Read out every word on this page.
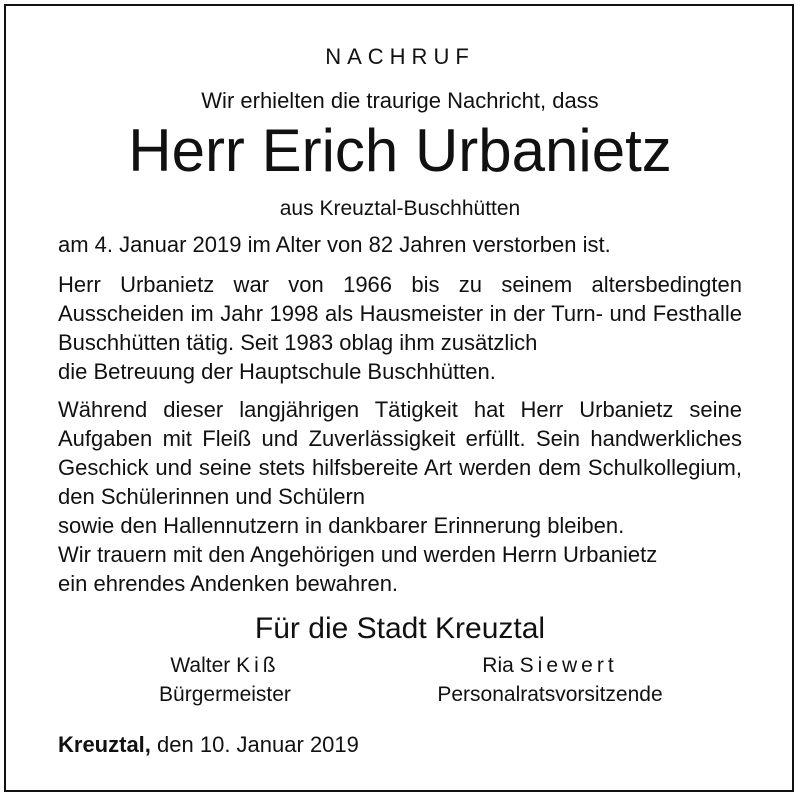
NACHRUF
Wir erhielten die traurige Nachricht, dass
Herr Erich Urbanietz
aus Kreuztal-Buschhütten
am 4. Januar 2019 im Alter von 82 Jahren verstorben ist.
Herr Urbanietz war von 1966 bis zu seinem altersbedingten Ausscheiden im Jahr 1998 als Hausmeister in der Turn- und Festhalle Buschhütten tätig. Seit 1983 oblag ihm zusätzlich
die Betreuung der Hauptschule Buschhütten.
Während dieser langjährigen Tätigkeit hat Herr Urbanietz seine Aufgaben mit Fleiß und Zuverlässigkeit erfüllt. Sein handwerkliches Geschick und seine stets hilfsbereite Art werden dem Schulkollegium, den Schülerinnen und Schülern
sowie den Hallennutzern in dankbarer Erinnerung bleiben.
Wir trauern mit den Angehörigen und werden Herrn Urbanietz
ein ehrendes Andenken bewahren.
Für die Stadt Kreuztal
Walter Kiß
Bürgermeister
Ria Siewert
Personalratsvorsitzende
Kreuztal, den 10. Januar 2019
